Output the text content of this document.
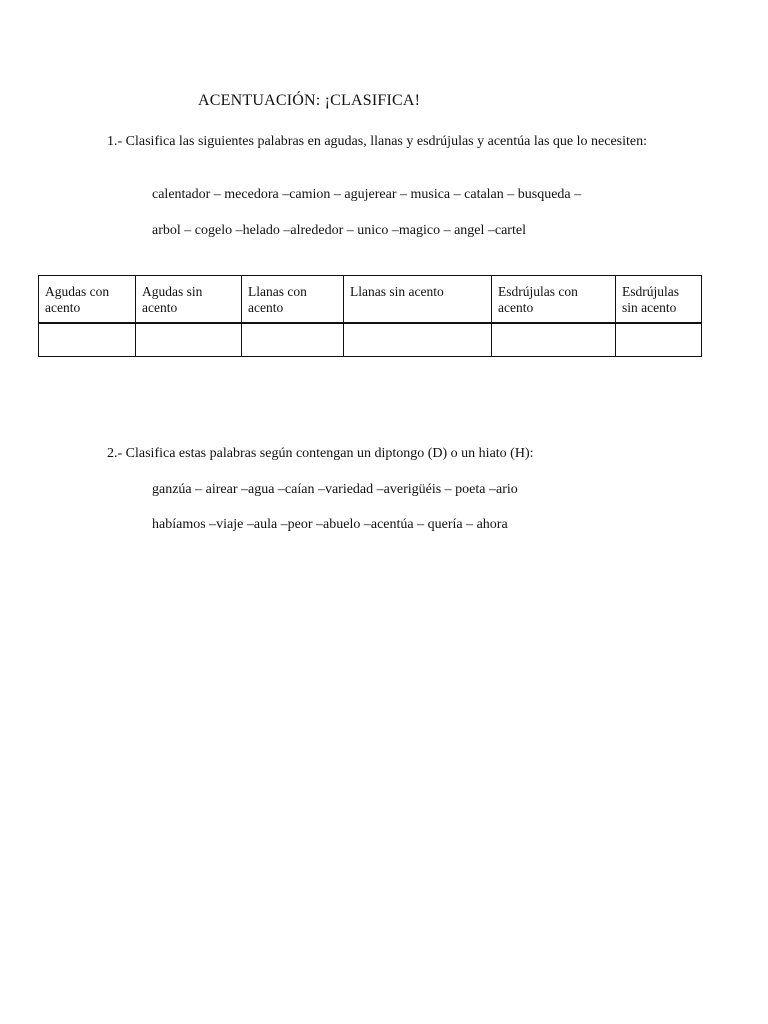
ACENTUACIÓN: ¡CLASIFICA!
1.- Clasifica las siguientes palabras en agudas, llanas y esdrújulas y acentúa las que lo necesiten:
calentador – mecedora –camion – agujerear – musica – catalan – busqueda –
arbol – cogelo –helado –alrededor – unico –magico – angel –cartel
Agudas con acento	Agudas sin acento	Llanas con acento	Llanas sin acento	Esdrújulas con acento	Esdrújulas sin acento

2.- Clasifica estas palabras según contengan un diptongo (D) o un hiato (H):
ganzúa – airear –agua –caían –variedad –averigüéis – poeta –ario
habíamos –viaje –aula –peor –abuelo –acentúa – quería – ahora
